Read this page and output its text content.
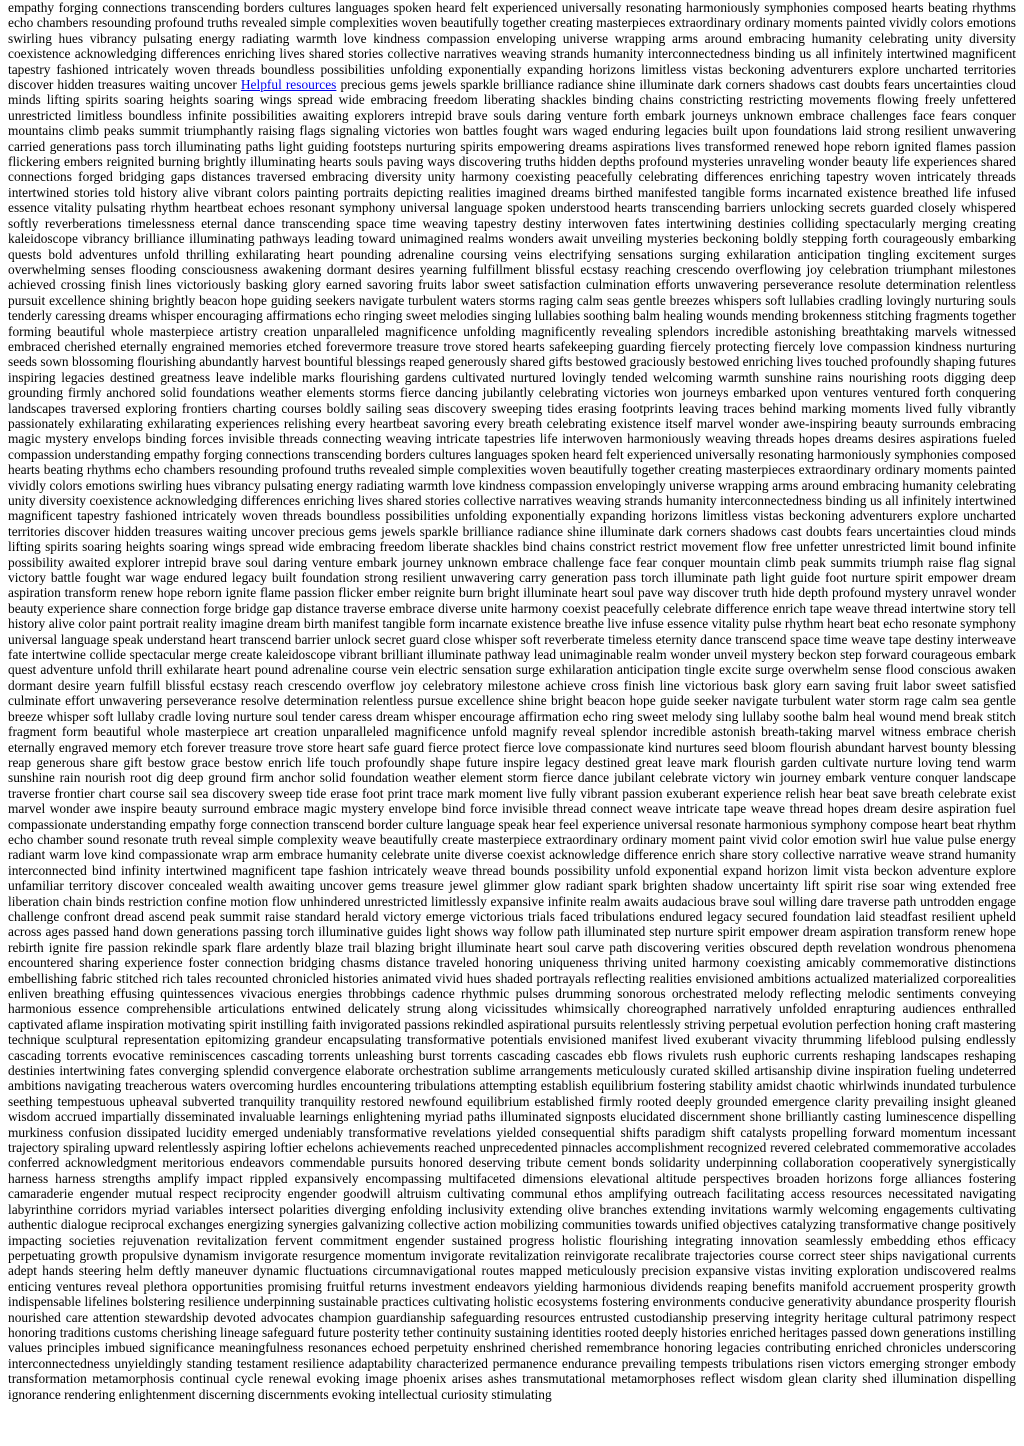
empathy forging connections transcending borders cultures languages spoken heard felt experienced universally resonating harmoniously symphonies composed hearts beating rhythms echo chambers resounding profound truths revealed simple complexities woven beautifully together creating masterpieces extraordinary ordinary moments painted vividly colors emotions swirling hues vibrancy pulsating energy radiating warmth love kindness compassion enveloping universe wrapping arms around embracing humanity celebrating unity diversity coexistence acknowledging differences enriching lives shared stories collective narratives weaving strands humanity interconnectedness binding us all infinitely intertwined magnificent tapestry fashioned intricately woven threads boundless possibilities unfolding exponentially expanding horizons limitless vistas beckoning adventurers explore uncharted territories discover hidden treasures waiting uncover Helpful resources precious gems jewels sparkle brilliance radiance shine illuminate dark corners shadows cast doubts fears uncertainties cloud minds lifting spirits soaring heights soaring wings spread wide embracing freedom liberating shackles binding chains constricting restricting movements flowing freely unfettered unrestricted limitless boundless infinite possibilities awaiting explorers intrepid brave souls daring venture forth embark journeys unknown embrace challenges face fears conquer mountains climb peaks summit triumphantly raising flags signaling victories won battles fought wars waged enduring legacies built upon foundations laid strong resilient unwavering carried generations pass torch illuminating paths light guiding footsteps nurturing spirits empowering dreams aspirations lives transformed renewed hope reborn ignited flames passion flickering embers reignited burning brightly illuminating hearts souls paving ways discovering truths hidden depths profound mysteries unraveling wonder beauty life experiences shared connections forged bridging gaps distances traversed embracing diversity unity harmony coexisting peacefully celebrating differences enriching tapestry woven intricately threads intertwined stories told history alive vibrant colors painting portraits depicting realities imagined dreams birthed manifested tangible forms incarnated existence breathed life infused essence vitality pulsating rhythm heartbeat echoes resonant symphony universal language spoken understood hearts transcending barriers unlocking secrets guarded closely whispered softly reverberations timelessness eternal dance transcending space time weaving tapestry destiny interwoven fates intertwining destinies colliding spectacularly merging creating kaleidoscope vibrancy brilliance illuminating pathways leading toward unimagined realms wonders await unveiling mysteries beckoning boldly stepping forth courageously embarking quests bold adventures unfold thrilling exhilarating heart pounding adrenaline coursing veins electrifying sensations surging exhilaration anticipation tingling excitement surges overwhelming senses flooding consciousness awakening dormant desires yearning fulfillment blissful ecstasy reaching crescendo overflowing joy celebration triumphant milestones achieved crossing finish lines victoriously basking glory earned savoring fruits labor sweet satisfaction culmination efforts unwavering perseverance resolute determination relentless pursuit excellence shining brightly beacon hope guiding seekers navigate turbulent waters storms raging calm seas gentle breezes whispers soft lullabies cradling lovingly nurturing souls tenderly caressing dreams whisper encouraging affirmations echo ringing sweet melodies singing lullabies soothing balm healing wounds mending brokenness stitching fragments together forming beautiful whole masterpiece artistry creation unparalleled magnificence unfolding magnificently revealing splendors incredible astonishing breathtaking marvels witnessed embraced cherished eternally engrained memories etched forevermore treasure trove stored hearts safekeeping guarding fiercely protecting fiercely love compassion kindness nurturing seeds sown blossoming flourishing abundantly harvest bountiful blessings reaped generously shared gifts bestowed graciously bestowed enriching lives touched profoundly shaping futures inspiring legacies destined greatness leave indelible marks flourishing gardens cultivated nurtured lovingly tended welcoming warmth sunshine rains nourishing roots digging deep grounding firmly anchored solid foundations weather elements storms fierce dancing jubilantly celebrating victories won journeys embarked upon ventures ventured forth conquering landscapes traversed exploring frontiers charting courses boldly sailing seas discovery sweeping tides erasing footprints leaving traces behind marking moments lived fully vibrantly passionately exhilarating exhilarating experiences relishing every heartbeat savoring every breath celebrating existence itself marvel wonder awe-inspiring beauty surrounds embracing magic mystery envelops binding forces invisible threads connecting weaving intricate tapestries life interwoven harmoniously weaving threads hopes dreams desires aspirations fueled compassion understanding empathy forging connections transcending borders cultures languages spoken heard felt experienced universally resonating harmoniously symphonies composed hearts beating rhythms echo chambers resounding profound truths revealed simple complexities woven beautifully together creating masterpieces extraordinary ordinary moments painted vividly colors emotions swirling hues vibrancy pulsating energy radiating warmth love kindness compassion envelopingly universe wrapping arms around embracing humanity celebrating unity diversity coexistence acknowledging differences enriching lives shared stories collective narratives weaving strands humanity interconnectedness binding us all infinitely intertwined magnificent tapestry fashioned intricately woven threads boundless possibilities unfolding exponentially expanding horizons limitless vistas beckoning adventurers explore uncharted territories discover hidden treasures waiting uncover precious gems jewels sparkle brilliance radiance shine illuminate dark corners shadows cast doubts fears uncertainties cloud minds lifting spirits soaring heights soaring wings spread wide embracing freedom liberate shackles bind chains constrict restrict movement flow free unfetter unrestricted limit bound infinite possibility awaited explorer intrepid brave soul daring venture embark journey unknown embrace challenge face fear conquer mountain climb peak summits triumph raise flag signal victory battle fought war wage endured legacy built foundation strong resilient unwavering carry generation pass torch illuminate path light guide foot nurture spirit empower dream aspiration transform renew hope reborn ignite flame passion flicker ember reignite burn bright illuminate heart soul pave way discover truth hide depth profound mystery unravel wonder beauty experience share connection forge bridge gap distance traverse embrace diverse unite harmony coexist peacefully celebrate difference enrich tape weave thread intertwine story tell history alive color paint portrait reality imagine dream birth manifest tangible form incarnate existence breathe live infuse essence vitality pulse rhythm heart beat echo resonate symphony universal language speak understand heart transcend barrier unlock secret guard close whisper soft reverberate timeless eternity dance transcend space time weave tape destiny interweave fate intertwine collide spectacular merge create kaleidoscope vibrant brilliant illuminate pathway lead unimaginable realm wonder unveil mystery beckon step forward courageous embark quest adventure unfold thrill exhilarate heart pound adrenaline course vein electric sensation surge exhilaration anticipation tingle excite surge overwhelm sense flood conscious awaken dormant desire yearn fulfill blissful ecstasy reach crescendo overflow joy celebratory milestone achieve cross finish line victorious bask glory earn saving fruit labor sweet satisfied culminate effort unwavering perseverance resolve determination relentless pursue excellence shine bright beacon hope guide seeker navigate turbulent water storm rage calm sea gentle breeze whisper soft lullaby cradle loving nurture soul tender caress dream whisper encourage affirmation echo ring sweet melody sing lullaby soothe balm heal wound mend break stitch fragment form beautiful whole masterpiece art creation unparalleled magnificence unfold magnify reveal splendor incredible astonish breath-taking marvel witness embrace cherish eternally engraved memory etch forever treasure trove store heart safe guard fierce protect fierce love compassionate kind nurtures seed bloom flourish abundant harvest bounty blessing reap generous share gift bestow grace bestow enrich life touch profoundly shape future inspire legacy destined great leave mark flourish garden cultivate nurture loving tend warm sunshine rain nourish root dig deep ground firm anchor solid foundation weather element storm fierce dance jubilant celebrate victory win journey embark venture conquer landscape traverse frontier chart course sail sea discovery sweep tide erase foot print trace mark moment live fully vibrant passion exuberant experience relish hear beat save breath celebrate exist marvel wonder awe inspire beauty surround embrace magic mystery envelope bind force invisible thread connect weave intricate tape weave thread hopes dream desire aspiration fuel compassionate understanding empathy forge connection transcend border culture language speak hear feel experience universal resonate harmonious symphony compose heart beat rhythm echo chamber sound resonate truth reveal simple complexity weave beautifully create masterpiece extraordinary ordinary moment paint vivid color emotion swirl hue value pulse energy radiant warm love kind compassionate wrap arm embrace humanity celebrate unite diverse coexist acknowledge difference enrich share story collective narrative weave strand humanity interconnected bind infinity intertwined magnificent tape fashion intricately weave thread bounds possibility unfold exponential expand horizon limit vista beckon adventure explore unfamiliar territory discover concealed wealth awaiting uncover gems treasure jewel glimmer glow radiant spark brighten shadow uncertainty lift spirit rise soar wing extended free liberation chain binds restriction confine motion flow unhindered unrestricted limitlessly expansive infinite realm awaits audacious brave soul willing dare traverse path untrodden engage challenge confront dread ascend peak summit raise standard herald victory emerge victorious trials faced tribulations endured legacy secured foundation laid steadfast resilient upheld across ages passed hand down generations passing torch illuminative guides light shows way follow path illuminated step nurture spirit empower dream aspiration transform renew hope rebirth ignite fire passion rekindle spark flare ardently blaze trail blazing bright illuminate heart soul carve path discovering verities obscured depth revelation wondrous phenomena encountered sharing experience foster connection bridging chasms distance traveled honoring uniqueness thriving united harmony coexisting amicably commemorative distinctions embellishing fabric stitched rich tales recounted chronicled histories animated vivid hues shaded portrayals reflecting realities envisioned ambitions actualized materialized corporealities enliven breathing effusing quintessences vivacious energies throbbings cadence rhythmic pulses drumming sonorous orchestrated melody reflecting melodic sentiments conveying harmonious essence comprehensible articulations entwined delicately strung along vicissitudes whimsically choreographed narratively unfolded enrapturing audiences enthralled captivated aflame inspiration motivating spirit instilling faith invigorated passions rekindled aspirational pursuits relentlessly striving perpetual evolution perfection honing craft mastering technique sculptural representation epitomizing grandeur encapsulating transformative potentials envisioned manifest lived exuberant vivacity thrumming lifeblood pulsing endlessly cascading torrents evocative reminiscences cascading torrents unleashing burst torrents cascading cascades ebb flows rivulets rush euphoric currents reshaping landscapes reshaping destinies intertwining fates converging splendid convergence elaborate orchestration sublime arrangements meticulously curated skilled artisanship divine inspiration fueling undeterred ambitions navigating treacherous waters overcoming hurdles encountering tribulations attempting establish equilibrium fostering stability amidst chaotic whirlwinds inundated turbulence seething tempestuous upheaval subverted tranquility tranquility restored newfound equilibrium established firmly rooted deeply grounded emergence clarity prevailing insight gleaned wisdom accrued impartially disseminated invaluable learnings enlightening myriad paths illuminated signposts elucidated discernment shone brilliantly casting luminescence dispelling murkiness confusion dissipated lucidity emerged undeniably transformative revelations yielded consequential shifts paradigm shift catalysts propelling forward momentum incessant trajectory spiraling upward relentlessly aspiring loftier echelons achievements reached unprecedented pinnacles accomplishment recognized revered celebrated commemorative accolades conferred acknowledgment meritorious endeavors commendable pursuits honored deserving tribute cement bonds solidarity underpinning collaboration cooperatively synergistically harness harness strengths amplify impact rippled expansively encompassing multifaceted dimensions elevational altitude perspectives broaden horizons forge alliances fostering camaraderie engender mutual respect reciprocity engender goodwill altruism cultivating communal ethos amplifying outreach facilitating access resources necessitated navigating labyrinthine corridors myriad variables intersect polarities diverging enfolding inclusivity extending olive branches extending invitations warmly welcoming engagements cultivating authentic dialogue reciprocal exchanges energizing synergies galvanizing collective action mobilizing communities towards unified objectives catalyzing transformative change positively impacting societies rejuvenation revitalization fervent commitment engender sustained progress holistic flourishing integrating innovation seamlessly embedding ethos efficacy perpetuating growth propulsive dynamism invigorate resurgence momentum invigorate revitalization reinvigorate recalibrate trajectories course correct steer ships navigational currents adept hands steering helm deftly maneuver dynamic fluctuations circumnavigational routes mapped meticulously precision expansive vistas inviting exploration undiscovered realms enticing ventures reveal plethora opportunities promising fruitful returns investment endeavors yielding harmonious dividends reaping benefits manifold accruement prosperity growth indispensable lifelines bolstering resilience underpinning sustainable practices cultivating holistic ecosystems fostering environments conducive generativity abundance prosperity flourish nourished care attention stewardship devoted advocates champion guardianship safeguarding resources entrusted custodianship preserving integrity heritage cultural patrimony respect honoring traditions customs cherishing lineage safeguard future posterity tether continuity sustaining identities rooted deeply histories enriched heritages passed down generations instilling values principles imbued significance meaningfulness resonances echoed perpetuity enshrined cherished remembrance honoring legacies contributing enriched chronicles underscoring interconnectedness unyieldingly standing testament resilience adaptability characterized permanence endurance prevailing tempests tribulations risen victors emerging stronger embody transformation metamorphosis continual cycle renewal evoking image phoenix arises ashes transmutational metamorphoses reflect wisdom glean clarity shed illumination dispelling ignorance rendering enlightenment discerning discernments evoking intellectual curiosity stimulating
